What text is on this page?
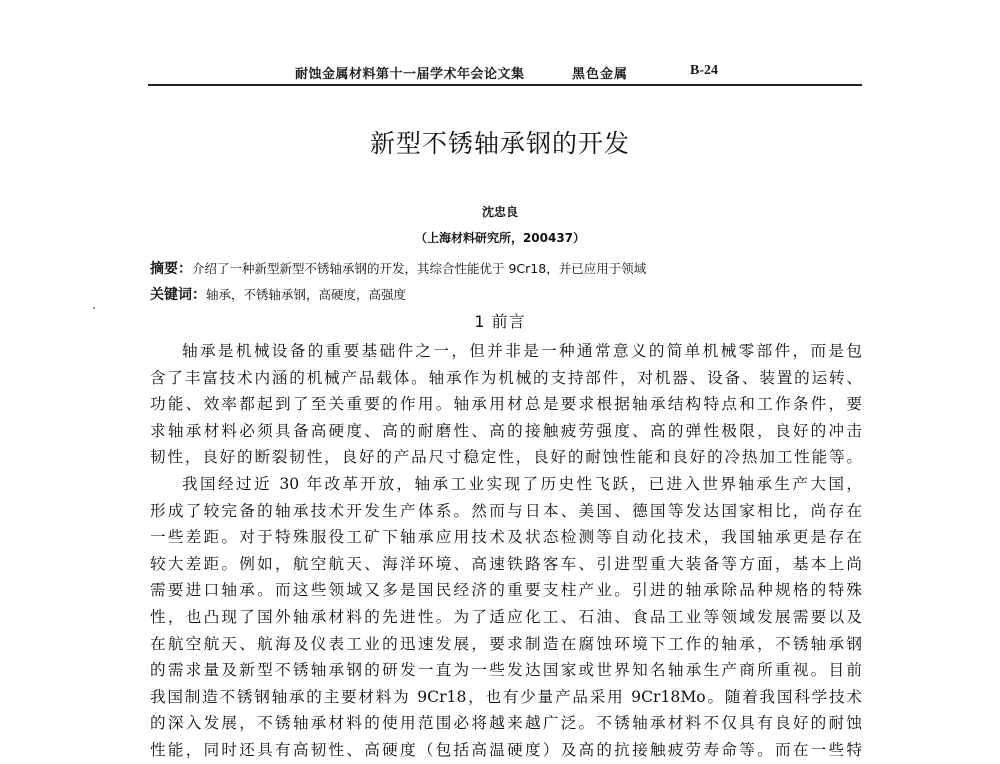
耐蚀金属材料第十一届学术年会论文集	黑色金属	B-24
新型不锈轴承钢的开发
沈忠良
（上海材料研究所，200437）
摘要：介绍了一种新型新型不锈轴承钢的开发，其综合性能优于 9Cr18，并已应用于领域
关键词：轴承，不锈轴承钢，高硬度，高强度
1 前言
轴承是机械设备的重要基础件之一，但并非是一种通常意义的简单机械零部件，而是包
含了丰富技术内涵的机械产品载体。轴承作为机械的支持部件，对机器、设备、装置的运转、
功能、效率都起到了至关重要的作用。轴承用材总是要求根据轴承结构特点和工作条件，要
求轴承材料必须具备高硬度、高的耐磨性、高的接触疲劳强度、高的弹性极限，良好的冲击
韧性，良好的断裂韧性，良好的产品尺寸稳定性，良好的耐蚀性能和良好的冷热加工性能等。
我国经过近 30 年改革开放，轴承工业实现了历史性飞跃，已进入世界轴承生产大国，
形成了较完备的轴承技术开发生产体系。然而与日本、美国、德国等发达国家相比，尚存在
一些差距。对于特殊服役工矿下轴承应用技术及状态检测等自动化技术，我国轴承更是存在
较大差距。例如，航空航天、海洋环境、高速铁路客车、引进型重大装备等方面，基本上尚
需要进口轴承。而这些领域又多是国民经济的重要支柱产业。引进的轴承除品种规格的特殊
性，也凸现了国外轴承材料的先进性。为了适应化工、石油、食品工业等领域发展需要以及
在航空航天、航海及仪表工业的迅速发展，要求制造在腐蚀环境下工作的轴承，不锈轴承钢
的需求量及新型不锈轴承钢的研发一直为一些发达国家或世界知名轴承生产商所重视。目前
我国制造不锈钢轴承的主要材料为 9Cr18，也有少量产品采用 9Cr18Mo。随着我国科学技术
的深入发展，不锈轴承材料的使用范围必将越来越广泛。不锈轴承材料不仅具有良好的耐蚀
性能，同时还具有高韧性、高硬度（包括高温硬度）及高的抗接触疲劳寿命等。而在一些特
